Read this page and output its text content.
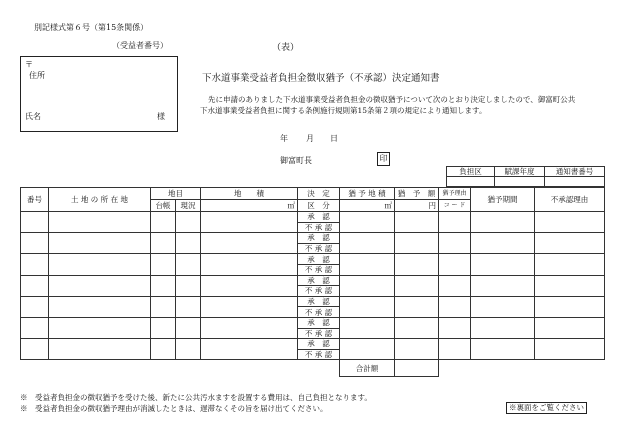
別記様式第６号（第15条関係）
（受益者番号）	（表）
下水道事業受益者負担金徴収猶予（不承認）決定通知書
〒
住所
氏名	様
先に申請のありました下水道事業受益者負担金の徴収猶予について次のとおり決定しましたので、御富町公共
下水道事業受益者負担に関する条例施行規則第15条第２項の規定により通知します。
年 月 日
御富町長	印
負担区	賦課年度	通知書番号

番号	土 地 の 所 在 地	地目		地　　積	決　定	猶 予 地 積	猶　予　額	猶予理由	猶予期間	不承認理由
		台帳	現況	㎡	区　分	㎡	円	コ ー ド		
					承　認					
					不 承 認					
					承　認					
					不 承 認					
					承　認					
					不 承 認					
					承　認					
					不 承 認					
					承　認					
					不 承 認					
					承　認					
					不 承 認					
					承　認					
					不 承 認					
						合計額				
※　受益者負担金の徴収猶予を受けた後、新たに公共汚水ますを設置する費用は、自己負担となります。
※　受益者負担金の徴収猶予理由が消滅したときは、遅滞なくその旨を届け出てください。	※裏面をご覧ください
